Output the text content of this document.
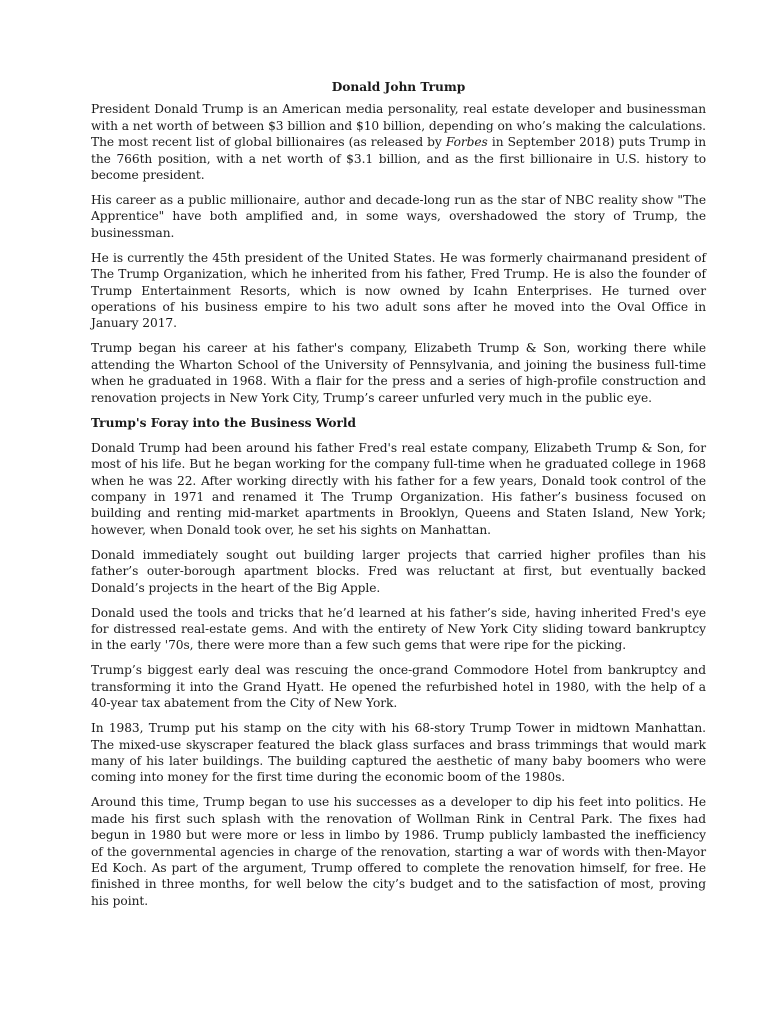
Donald John Trump

President Donald Trump is an American media personality, real estate developer and businessman with a net worth of between $3 billion and $10 billion, depending on who’s making the calculations. The most recent list of global billionaires (as released by Forbes in September 2018) puts Trump in the 766th position, with a net worth of $3.1 billion, and as the first billionaire in U.S. history to become president.

His career as a public millionaire, author and decade-long run as the star of NBC reality show "The Apprentice" have both amplified and, in some ways, overshadowed the story of Trump, the businessman.

He is currently the 45th president of the United States. He was formerly chairmanand president of The Trump Organization, which he inherited from his father, Fred Trump. He is also the founder of Trump Entertainment Resorts, which is now owned by Icahn Enterprises. He turned over operations of his business empire to his two adult sons after he moved into the Oval Office in January 2017.

Trump began his career at his father's company, Elizabeth Trump & Son, working there while attending the Wharton School of the University of Pennsylvania, and joining the business full-time when he graduated in 1968. With a flair for the press and a series of high-profile construction and renovation projects in New York City, Trump’s career unfurled very much in the public eye.

Trump's Foray into the Business World

Donald Trump had been around his father Fred's real estate company, Elizabeth Trump & Son, for most of his life. But he began working for the company full-time when he graduated college in 1968 when he was 22. After working directly with his father for a few years, Donald took control of the company in 1971 and renamed it The Trump Organization. His father’s business focused on building and renting mid-market apartments in Brooklyn, Queens and Staten Island, New York; however, when Donald took over, he set his sights on Manhattan.

Donald immediately sought out building larger projects that carried higher profiles than his father’s outer-borough apartment blocks. Fred was reluctant at first, but eventually backed Donald’s projects in the heart of the Big Apple.

Donald used the tools and tricks that he’d learned at his father’s side, having inherited Fred's eye for distressed real-estate gems. And with the entirety of New York City sliding toward bankruptcy in the early '70s, there were more than a few such gems that were ripe for the picking.

Trump’s biggest early deal was rescuing the once-grand Commodore Hotel from bankruptcy and transforming it into the Grand Hyatt. He opened the refurbished hotel in 1980, with the help of a 40-year tax abatement from the City of New York.

In 1983, Trump put his stamp on the city with his 68-story Trump Tower in midtown Manhattan. The mixed-use skyscraper featured the black glass surfaces and brass trimmings that would mark many of his later buildings. The building captured the aesthetic of many baby boomers who were coming into money for the first time during the economic boom of the 1980s.

Around this time, Trump began to use his successes as a developer to dip his feet into politics. He made his first such splash with the renovation of Wollman Rink in Central Park. The fixes had begun in 1980 but were more or less in limbo by 1986. Trump publicly lambasted the inefficiency of the governmental agencies in charge of the renovation, starting a war of words with then-Mayor Ed Koch. As part of the argument, Trump offered to complete the renovation himself, for free. He finished in three months, for well below the city’s budget and to the satisfaction of most, proving his point.
